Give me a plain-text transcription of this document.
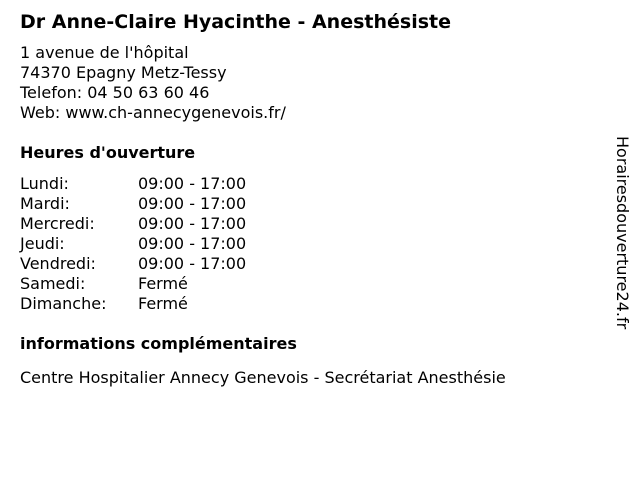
Dr Anne-Claire Hyacinthe - Anesthésiste
1 avenue de l'hôpital
74370 Epagny Metz-Tessy
Telefon: 04 50 63 60 46
Web: www.ch-annecygenevois.fr/
Heures d'ouverture
Lundi:	09:00 - 17:00
Mardi:	09:00 - 17:00
Mercredi:	09:00 - 17:00
Jeudi:	09:00 - 17:00
Vendredi:	09:00 - 17:00
Samedi:	Fermé
Dimanche:	Fermé
informations complémentaires
Centre Hospitalier Annecy Genevois - Secrétariat Anesthésie
Horairesdouverture24.fr
